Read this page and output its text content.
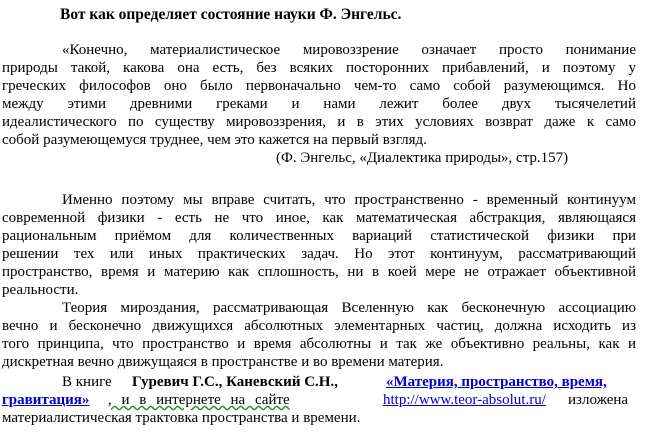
Вот как определяет состояние науки Ф. Энгельс.
«Конечно, материалистическое мировоззрение означает просто понимание
природы такой, какова она есть, без всяких посторонних прибавлений, и поэтому у
греческих философов оно было первоначально чем-то само собой разумеющимся. Но
между этими древними греками и нами лежит более двух тысячелетий
идеалистического по существу мировоззрения, и в этих условиях возврат даже к само
собой разумеющемуся труднее, чем это кажется на первый взгляд.
(Ф. Энгельс, «Диалектика природы», стр.157)
Именно поэтому мы вправе считать, что пространственно - временный континуум
современной физики - есть не что иное, как математическая абстракция, являющаяся
рациональным приёмом для количественных вариаций статистической физики при
решении тех или иных практических задач. Но этот континуум, рассматривающий
пространство, время и материю как сплошность, ни в коей мере не отражает объективной
реальности.
Теория мироздания, рассматривающая Вселенную как бесконечную ассоциацию
вечно и бесконечно движущихся абсолютных элементарных частиц, должна исходить из
того принципа, что пространство и время абсолютны и так же объективно реальны, как и
дискретная вечно движущаяся в пространстве и во времени материя.
В книге Гуревич Г.С., Каневский С.Н.,	«Материя, пространство, время,
гравитация» , и в интернете на сайте	http://www.teor-absolut.ru/ изложена
материалистическая трактовка пространства и времени.
